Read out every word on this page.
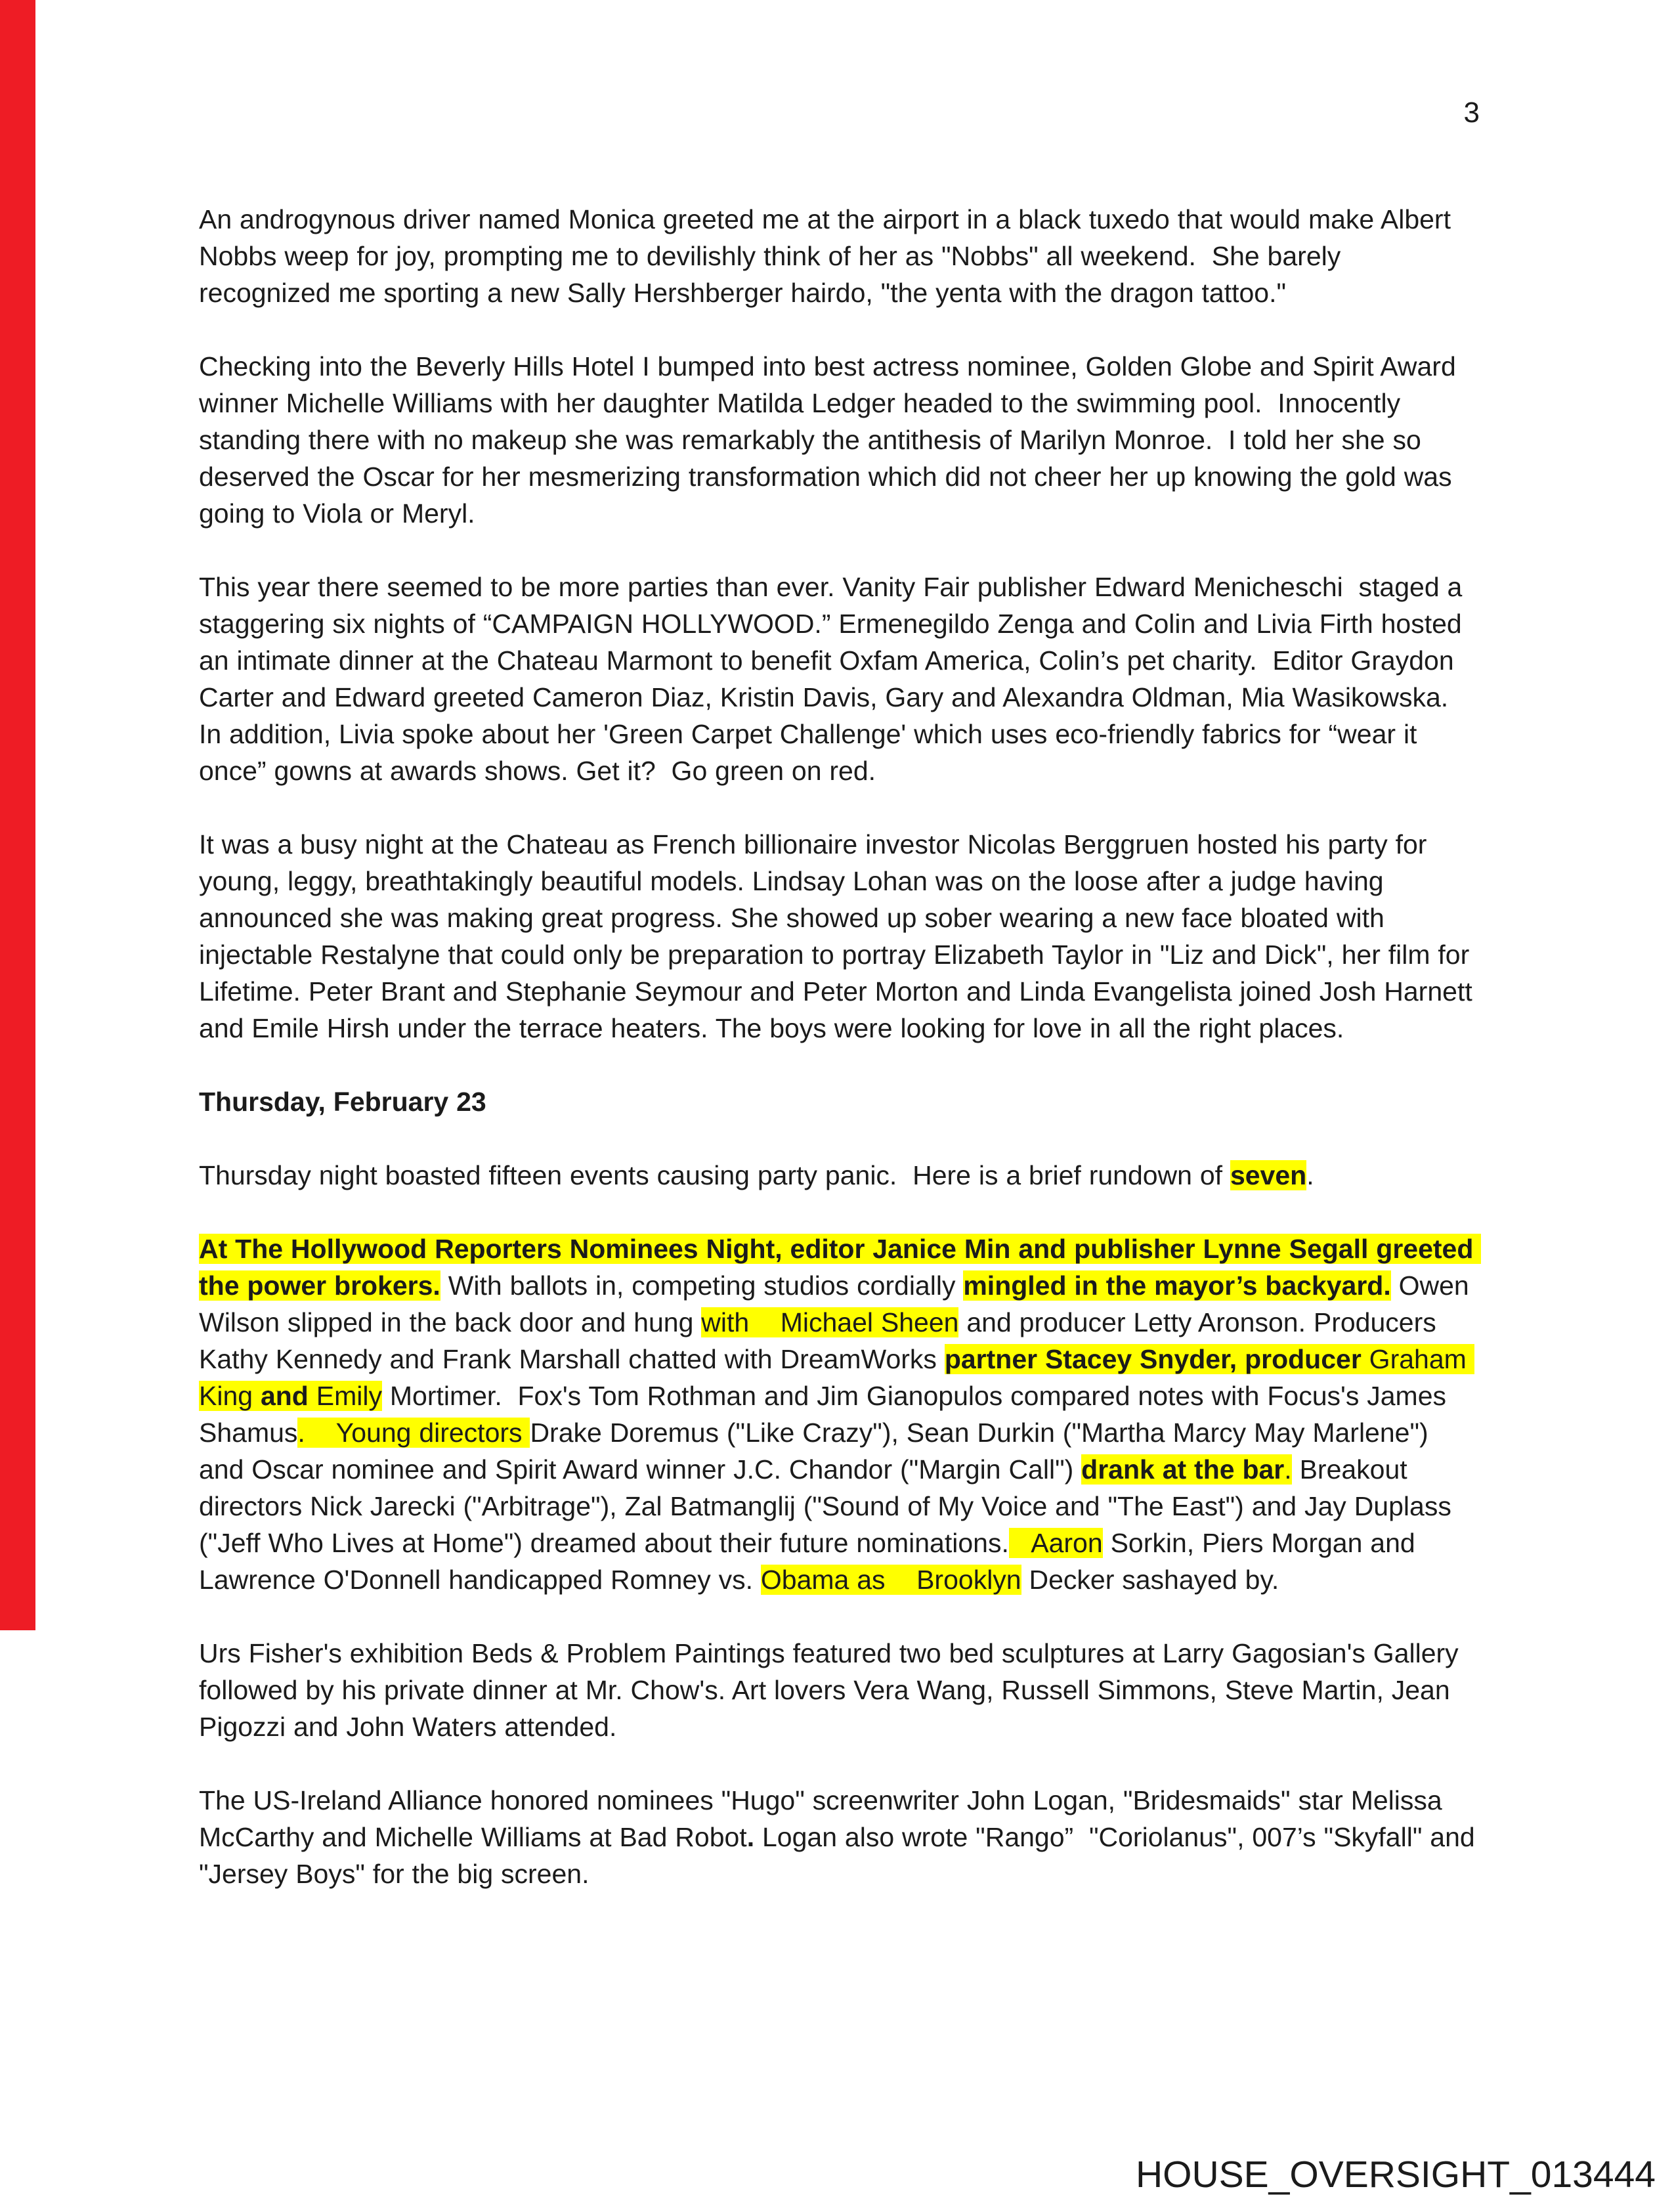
3

An androgynous driver named Monica greeted me at the airport in a black tuxedo that would make Albert Nobbs weep for joy, prompting me to devilishly think of her as "Nobbs" all weekend.  She barely recognized me sporting a new Sally Hershberger hairdo, "the yenta with the dragon tattoo."

Checking into the Beverly Hills Hotel I bumped into best actress nominee, Golden Globe and Spirit Award winner Michelle Williams with her daughter Matilda Ledger headed to the swimming pool.  Innocently standing there with no makeup she was remarkably the antithesis of Marilyn Monroe.  I told her she so deserved the Oscar for her mesmerizing transformation which did not cheer her up knowing the gold was going to Viola or Meryl.

This year there seemed to be more parties than ever. Vanity Fair publisher Edward Menicheschi  staged a staggering six nights of “CAMPAIGN HOLLYWOOD.” Ermenegildo Zenga and Colin and Livia Firth hosted an intimate dinner at the Chateau Marmont to benefit Oxfam America, Colin’s pet charity.  Editor Graydon Carter and Edward greeted Cameron Diaz, Kristin Davis, Gary and Alexandra Oldman, Mia Wasikowska.  In addition, Livia spoke about her 'Green Carpet Challenge' which uses eco-friendly fabrics for “wear it once” gowns at awards shows. Get it?  Go green on red.

It was a busy night at the Chateau as French billionaire investor Nicolas Berggruen hosted his party for young, leggy, breathtakingly beautiful models. Lindsay Lohan was on the loose after a judge having announced she was making great progress. She showed up sober wearing a new face bloated with injectable Restalyne that could only be preparation to portray Elizabeth Taylor in "Liz and Dick", her film for Lifetime. Peter Brant and Stephanie Seymour and Peter Morton and Linda Evangelista joined Josh Harnett and Emile Hirsh under the terrace heaters. The boys were looking for love in all the right places.

Thursday, February 23

Thursday night boasted fifteen events causing party panic.  Here is a brief rundown of seven.

At The Hollywood Reporters Nominees Night, editor Janice Min and publisher Lynne Segall greeted the power brokers. With ballots in, competing studios cordially mingled in the mayor’s backyard. Owen Wilson slipped in the back door and hung with    Michael Sheen and producer Letty Aronson. Producers Kathy Kennedy and Frank Marshall chatted with DreamWorks partner Stacey Snyder, producer Graham King and Emily Mortimer.  Fox's Tom Rothman and Jim Gianopulos compared notes with Focus's James Shamus.    Young directors Drake Doremus ("Like Crazy"), Sean Durkin ("Martha Marcy May Marlene") and Oscar nominee and Spirit Award winner J.C. Chandor ("Margin Call") drank at the bar. Breakout directors Nick Jarecki ("Arbitrage"), Zal Batmanglij ("Sound of My Voice and "The East") and Jay Duplass ("Jeff Who Lives at Home") dreamed about their future nominations.   Aaron Sorkin, Piers Morgan and Lawrence O'Donnell handicapped Romney vs. Obama as    Brooklyn Decker sashayed by.

Urs Fisher's exhibition Beds & Problem Paintings featured two bed sculptures at Larry Gagosian's Gallery followed by his private dinner at Mr. Chow's. Art lovers Vera Wang, Russell Simmons, Steve Martin, Jean Pigozzi and John Waters attended.

The US-Ireland Alliance honored nominees "Hugo" screenwriter John Logan, "Bridesmaids" star Melissa McCarthy and Michelle Williams at Bad Robot. Logan also wrote "Rango”  "Coriolanus", 007’s "Skyfall" and "Jersey Boys" for the big screen.

HOUSE_OVERSIGHT_013444
